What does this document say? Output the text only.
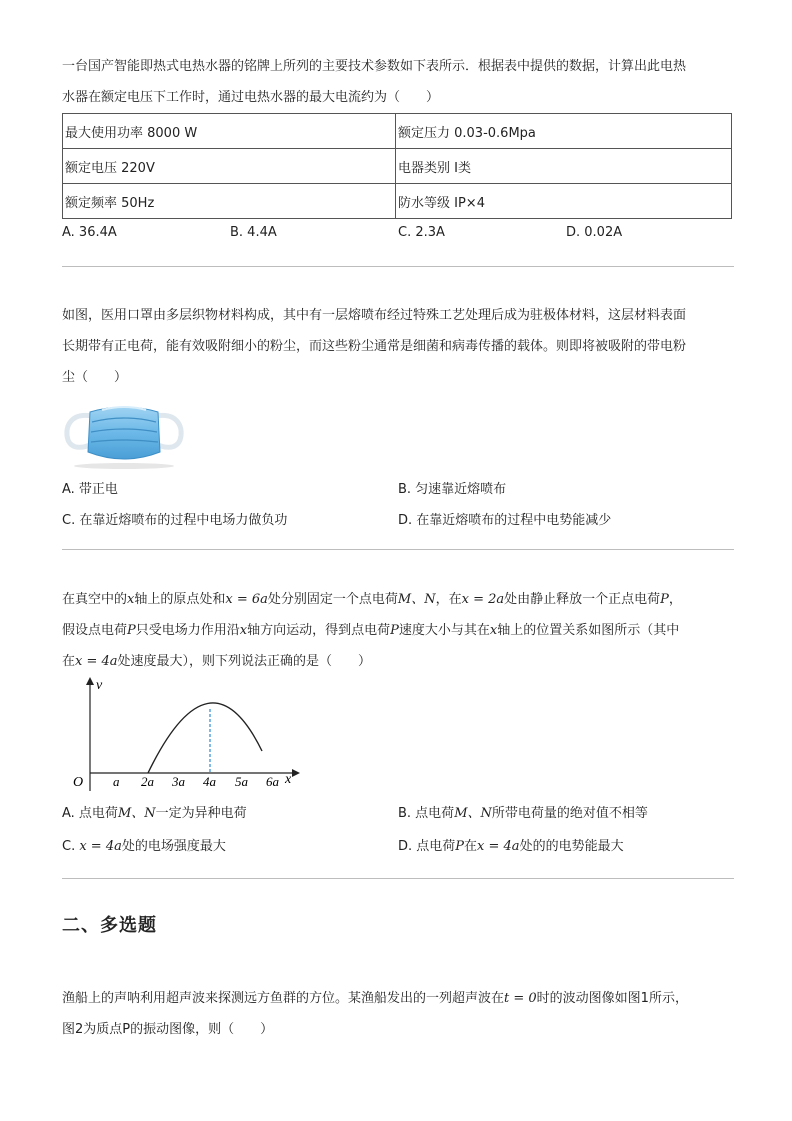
一台国产智能即热式电热水器的铭牌上所列的主要技术参数如下表所示．根据表中提供的数据，计算出此电热
水器在额定电压下工作时，通过电热水器的最大电流约为（　　）
最大使用功率 8000 W	额定压力 0.03-0.6Mpa
额定电压 220V	电器类别 Ⅰ类
额定频率 50Hz	防水等级 IP×4
A. 36.4A	B. 4.4A	C. 2.3A	D. 0.02A
如图，医用口罩由多层织物材料构成，其中有一层熔喷布经过特殊工艺处理后成为驻极体材料，这层材料表面
长期带有正电荷，能有效吸附细小的粉尘，而这些粉尘通常是细菌和病毒传播的载体。则即将被吸附的带电粉
尘（　　）
A. 带正电	B. 匀速靠近熔喷布
C. 在靠近熔喷布的过程中电场力做负功	D. 在靠近熔喷布的过程中电势能减少
在真空中的x轴上的原点处和x = 6a处分别固定一个点电荷M、N，在x = 2a处由静止释放一个正点电荷P，
假设点电荷P只受电场力作用沿x轴方向运动，得到点电荷P速度大小与其在x轴上的位置关系如图所示（其中
在x = 4a处速度最大），则下列说法正确的是（　　）
v
x
O a 2a 3a 4a 5a 6a
A. 点电荷M、N一定为异种电荷	B. 点电荷M、N所带电荷量的绝对值不相等
C. x = 4a处的电场强度最大	D. 点电荷P在x = 4a处的的电势能最大
二、多选题
渔船上的声呐利用超声波来探测远方鱼群的方位。某渔船发出的一列超声波在t = 0时的波动图像如图1所示，
图2为质点P的振动图像，则（　　）
